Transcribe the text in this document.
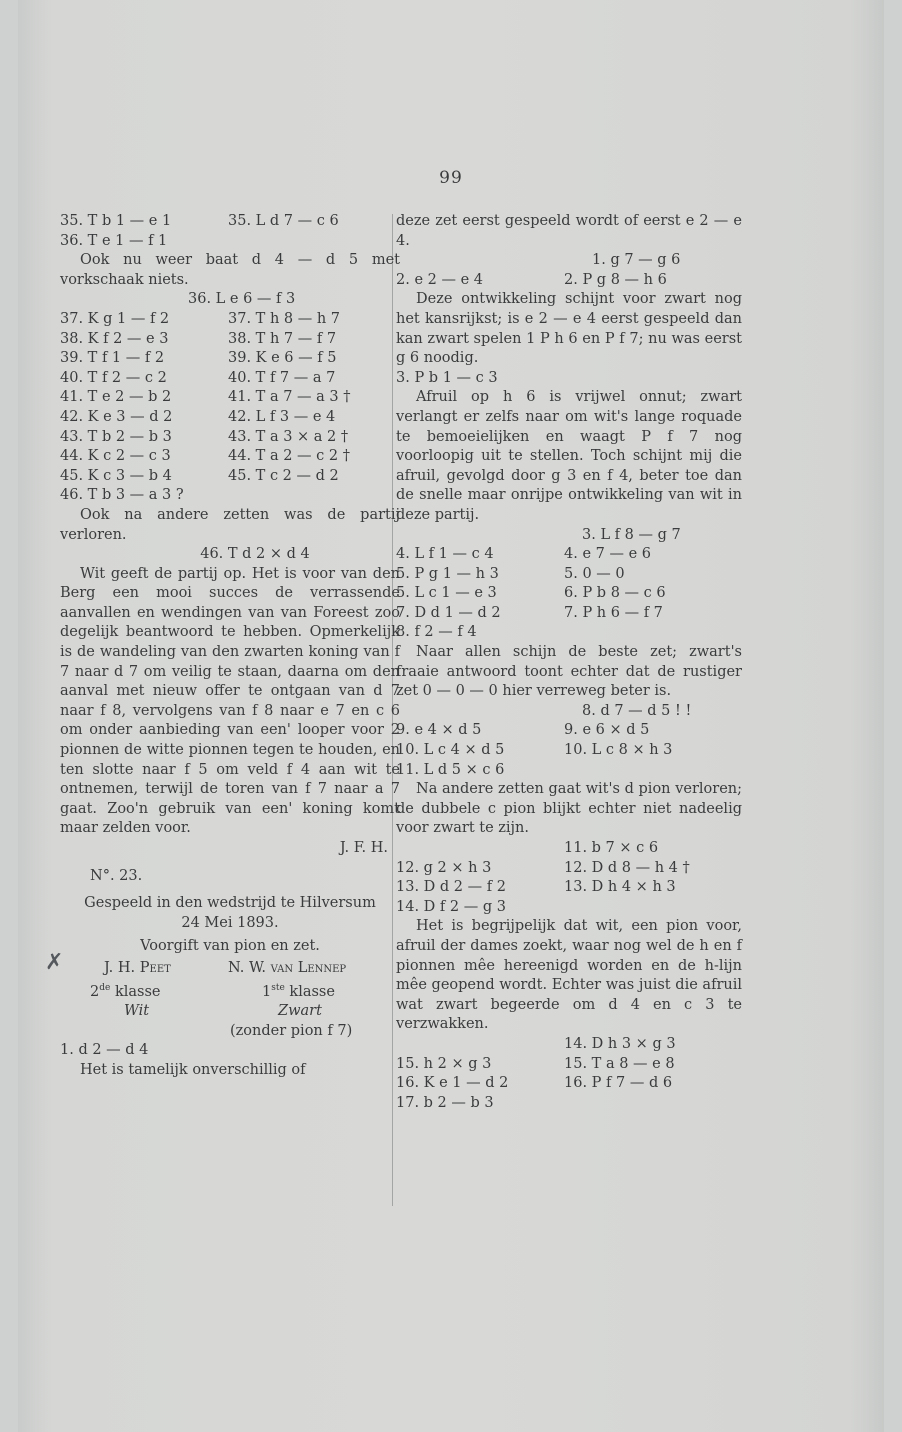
99
✗
35. T b 1 — e 1	35. L d 7 — c 6
36. T e 1 — f 1

Ook nu weer baat d 4 — d 5 met vorkschaak niets.

36. L e 6 — f 3
37. K g 1 — f 2	37. T h 8 — h 7
38. K f 2 — e 3	38. T h 7 — f 7
39. T f 1 — f 2	39. K e 6 — f 5
40. T f 2 — c 2	40. T f 7 — a 7
41. T e 2 — b 2	41. T a 7 — a 3 †
42. K e 3 — d 2	42. L f 3 — e 4
43. T b 2 — b 3	43. T a 3 × a 2 †
44. K c 2 — c 3	44. T a 2 — c 2 †
45. K c 3 — b 4	45. T c 2 — d 2
46. T b 3 — a 3 ?

Ook na andere zetten was de partij verloren.

46. T d 2 × d 4

Wit geeft de partij op. Het is voor van den Berg een mooi succes de verrassende aanvallen en wendingen van van Foreest zoo degelijk beantwoord te hebben. Opmerkelijk is de wandeling van den zwarten koning van f 7 naar d 7 om veilig te staan, daarna om den aanval met nieuw offer te ontgaan van d 7 naar f 8, vervolgens van f 8 naar e 7 en c 6 om onder aanbieding van een' looper voor 2 pionnen de witte pionnen tegen te houden, en ten slotte naar f 5 om veld f 4 aan wit te ontnemen, terwijl de toren van f 7 naar a 7 gaat. Zoo'n gebruik van een' koning komt maar zelden voor.

J. F. H.
N°. 23.
Gespeeld in den wedstrijd te Hilversum
24 Mei 1893.
Voorgift van pion en zet.
J. H. Peet	N. W. van Lennep
2de klasse	1ste klasse
Wit	Zwart
(zonder pion f 7)
1. d 2 — d 4

Het is tamelijk onverschillig of

deze zet eerst gespeeld wordt of eerst e 2 — e 4.

1. g 7 — g 6
2. e 2 — e 4	2. P g 8 — h 6

Deze ontwikkeling schijnt voor zwart nog het kansrijkst; is e 2 — e 4 eerst gespeeld dan kan zwart spelen 1 P h 6 en P f 7; nu was eerst g 6 noodig.

3. P b 1 — c 3

Afruil op h 6 is vrijwel onnut; zwart verlangt er zelfs naar om wit's lange roquade te bemoeielijken en waagt P f 7 nog voorloopig uit te stellen. Toch schijnt mij die afruil, gevolgd door g 3 en f 4, beter toe dan de snelle maar onrijpe ontwikkeling van wit in deze partij.

3. L f 8 — g 7
4. L f 1 — c 4	4. e 7 — e 6
5. P g 1 — h 3	5. 0 — 0
5. L c 1 — e 3	6. P b 8 — c 6
7. D d 1 — d 2	7. P h 6 — f 7
8. f 2 — f 4

Naar allen schijn de beste zet; zwart's fraaie antwoord toont echter dat de rustiger zet 0 — 0 — 0 hier verreweg beter is.

8. d 7 — d 5 ! !
9. e 4 × d 5	9. e 6 × d 5
10. L c 4 × d 5	10. L c 8 × h 3
11. L d 5 × c 6

Na andere zetten gaat wit's d pion verloren; de dubbele c pion blijkt echter niet nadeelig voor zwart te zijn.

11. b 7 × c 6
12. g 2 × h 3	12. D d 8 — h 4 †
13. D d 2 — f 2	13. D h 4 × h 3
14. D f 2 — g 3

Het is begrijpelijk dat wit, een pion voor, afruil der dames zoekt, waar nog wel de h en f pionnen mêe hereenigd worden en de h-lijn mêe geopend wordt. Echter was juist die afruil wat zwart begeerde om d 4 en c 3 te verzwakken.

14. D h 3 × g 3
15. h 2 × g 3	15. T a 8 — e 8
16. K e 1 — d 2	16. P f 7 — d 6
17. b 2 — b 3
